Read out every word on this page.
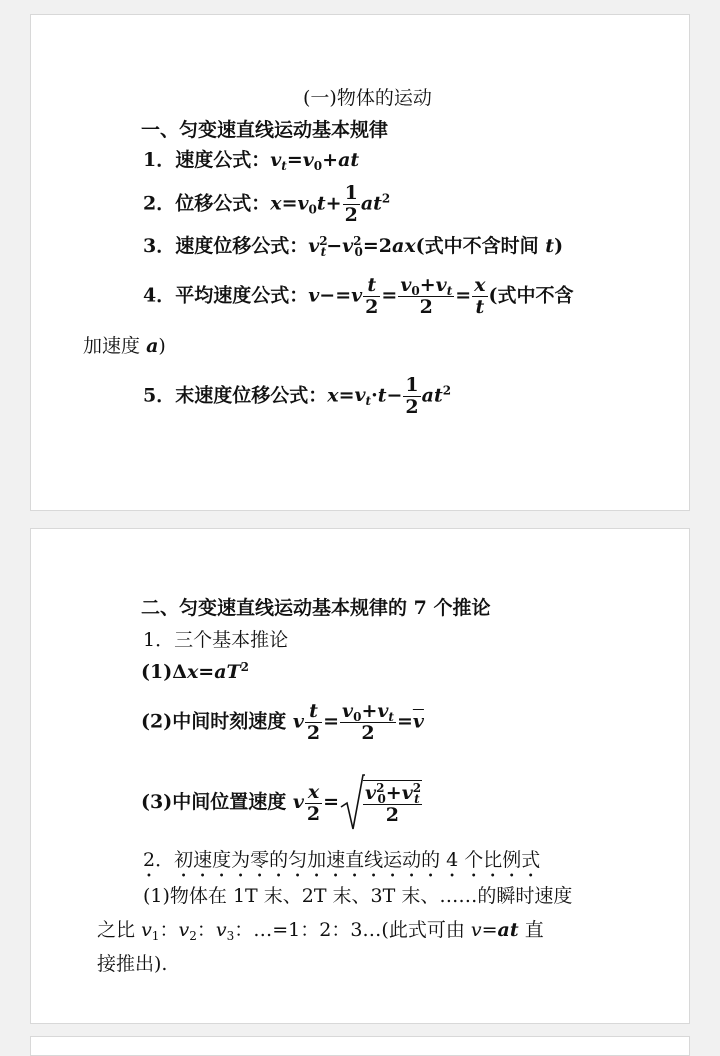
(一)物体的运动
一、匀变速直线运动基本规律
1．速度公式：$v_t=v_0+at$
2．位移公式：$x=v_0t+ \frac{1}{2} at^2$
3．速度位移公式：$v^2_t-v^2_0=2ax$(式中不含时间 t)
4．平均速度公式：$v-=v \frac{t}{2} = \frac{v_0+v_t}{2} = \frac{x}{t}$ (式中不含
加速度 a)
5．末速度位移公式：$x=v_t\cdot t- \frac{1}{2} at^2$
二、匀变速直线运动基本规律的 7 个推论
1．三个基本推论
$(1)\Delta x=aT^2$
(2)中间时刻速度 v $\frac{t}{2} = \frac{v_0+v_t}{2} =\overline{v}$
(3)中间位置速度 v $\frac{x}{2} = \frac{v^2_0+v^2_t}{2}$
2．初速度为零的匀加速直线运动的 4 个比例式
(1)物体在 1T 末、2T 末、3T 末、……的瞬时速度
之比 $v_1$：$v_2$：$v_3$：…=1：2：3…(此式可由 v=at 直
接推出).
